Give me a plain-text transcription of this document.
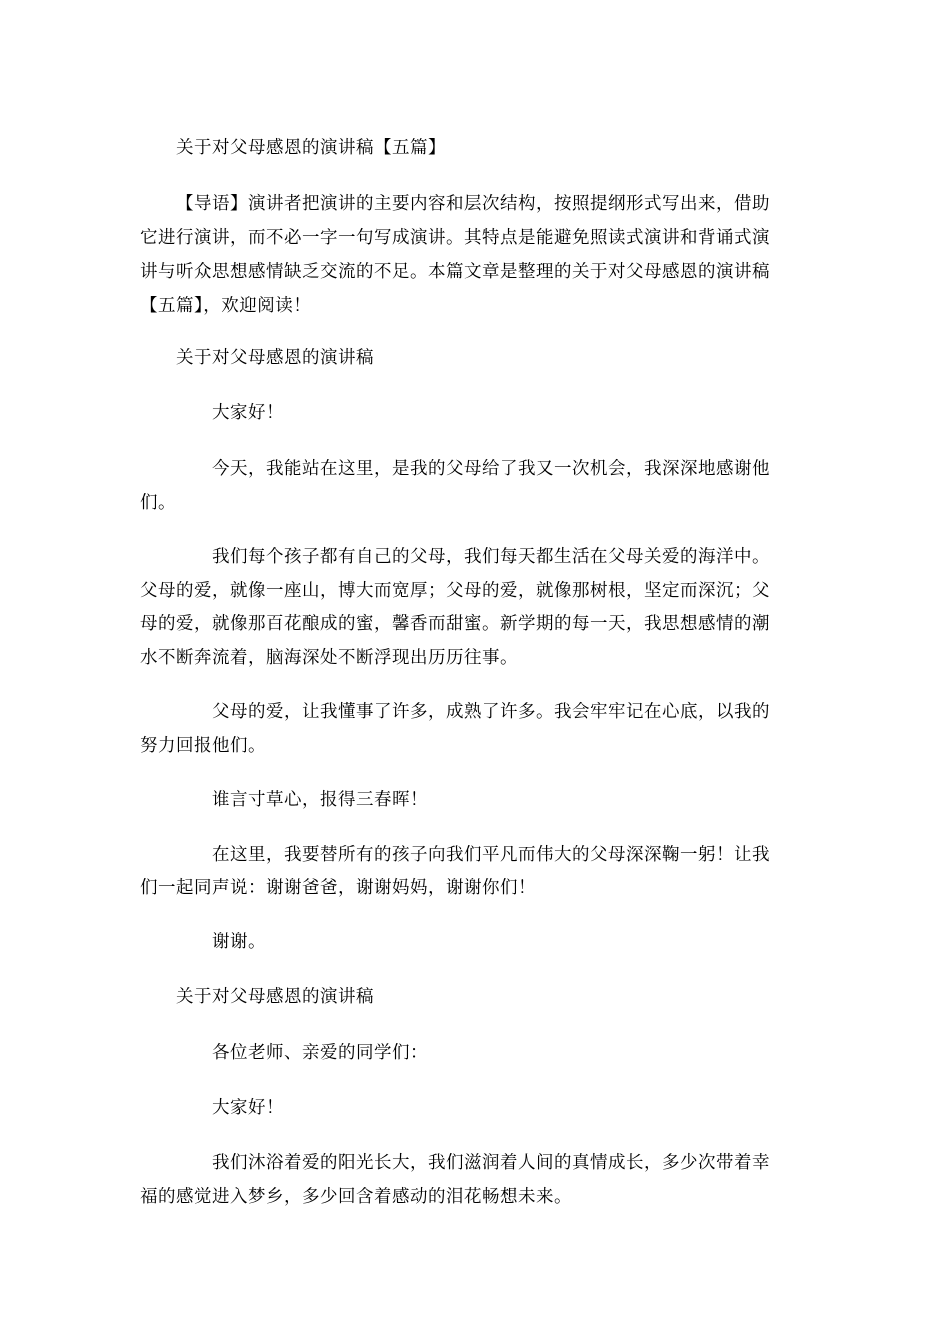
关于对父母感恩的演讲稿【五篇】
【导语】演讲者把演讲的主要内容和层次结构，按照提纲形式写出来，借助
它进行演讲，而不必一字一句写成演讲。其特点是能避免照读式演讲和背诵式演
讲与听众思想感情缺乏交流的不足。本篇文章是整理的关于对父母感恩的演讲稿
【五篇】，欢迎阅读！
关于对父母感恩的演讲稿
大家好！
今天，我能站在这里，是我的父母给了我又一次机会，我深深地感谢他
们。
我们每个孩子都有自己的父母，我们每天都生活在父母关爱的海洋中。
父母的爱，就像一座山，博大而宽厚；父母的爱，就像那树根，坚定而深沉；父
母的爱，就像那百花酿成的蜜，馨香而甜蜜。新学期的每一天，我思想感情的潮
水不断奔流着，脑海深处不断浮现出历历往事。
父母的爱，让我懂事了许多，成熟了许多。我会牢牢记在心底，以我的
努力回报他们。
谁言寸草心，报得三春晖！
在这里，我要替所有的孩子向我们平凡而伟大的父母深深鞠一躬！让我
们一起同声说：谢谢爸爸，谢谢妈妈，谢谢你们！
谢谢。
关于对父母感恩的演讲稿
各位老师、亲爱的同学们：
大家好！
我们沐浴着爱的阳光长大，我们滋润着人间的真情成长，多少次带着幸
福的感觉进入梦乡，多少回含着感动的泪花畅想未来。
